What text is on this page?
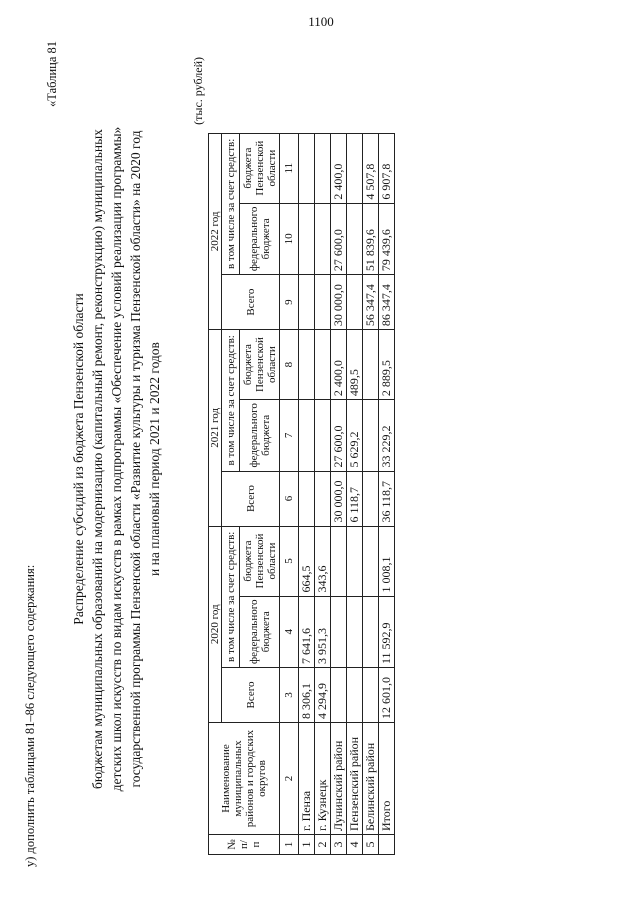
1100
у) дополнить таблицами 81–86 следующего содержания:
«Таблица 81
Распределение субсидий из бюджета Пензенской области бюджетам муниципальных образований на модернизацию (капитальный ремонт, реконструкцию) муниципальных детских школ искусств по видам искусств в рамках подпрограммы «Обеспечение условий реализации программы» государственной программы Пензенской области «Развитие культуры и туризма Пензенской области» на 2020 год и на плановый период 2021 и 2022 годов
(тыс. рублей)
№ п/п	Наименование муниципальных районов и городских округов	2020 год			2021 год			2022 год		
		Всего	в том числе за счет средств:		Всего	в том числе за счет средств:		Всего	в том числе за счет средств:	
			федерального бюджета	бюджета Пензенской области		федерального бюджета	бюджета Пензенской области		федерального бюджета	бюджета Пензенской области
1	2	3	4	5	6	7	8	9	10	11
1	г. Пенза	8 306,1	7 641,6	664,5						
2	г. Кузнецк	4 294,9	3 951,3	343,6						
3	Лунинский район				30 000,0	27 600,0	2 400,0	30 000,0	27 600,0	2 400,0
4	Пензенский район				6 118,7	5 629,2	489,5			
5	Белинский район							56 347,4	51 839,6	4 507,8
	Итого	12 601,0	11 592,9	1 008,1	36 118,7	33 229,2	2 889,5	86 347,4	79 439,6	6 907,8
